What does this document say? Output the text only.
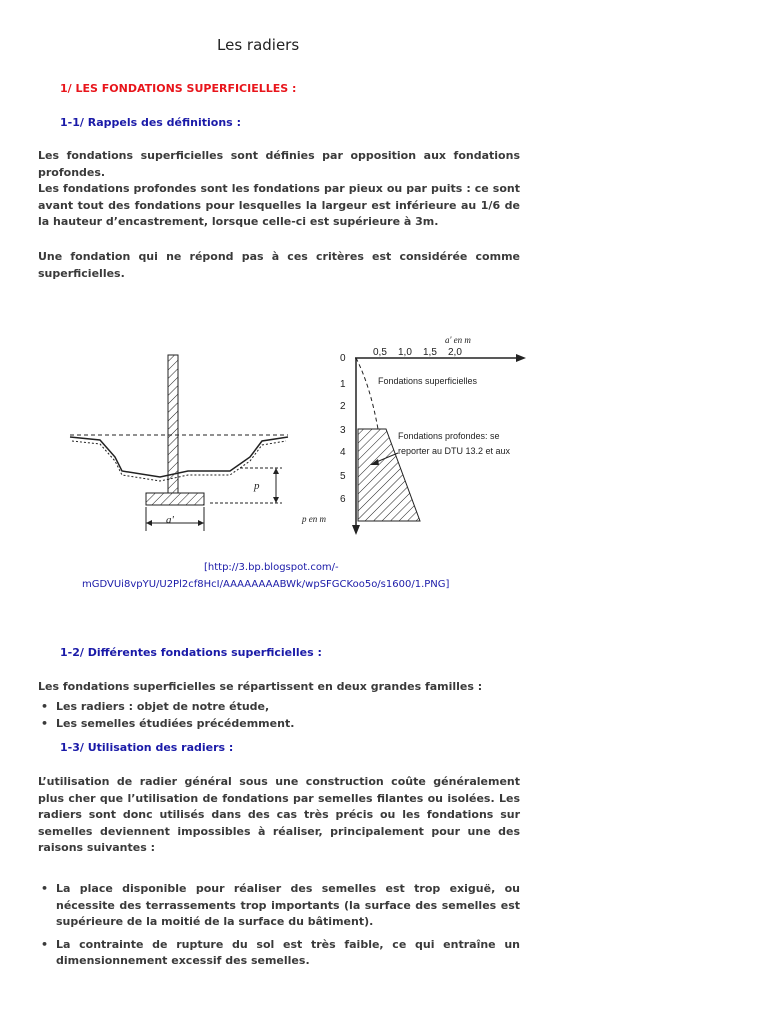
Les radiers
1/ LES FONDATIONS SUPERFICIELLES :
1-1/ Rappels des définitions :
Les fondations superficielles sont définies par opposition aux fondations profondes.
Les fondations profondes sont les fondations par pieux ou par puits : ce sont avant tout des fondations pour lesquelles la largeur est inférieure au 1/6 de la hauteur d’encastrement, lorsque celle-ci est supérieure à 3m.
Une fondation qui ne répond pas à ces critères est considérée comme superficielles.
a'
p
a' en m
0,5 1,0 1,5 2,0
0
1
2
3
4
5
6
p en m
Fondations superficielles
Fondations profondes: se
reporter au DTU 13.2 et aux
[http://3.bp.blogspot.com/-
mGDVUi8vpYU/U2Pl2cf8HcI/AAAAAAAABWk/wpSFGCKoo5o/s1600/1.PNG]
1-2/ Différentes fondations superficielles :
Les fondations superficielles se répartissent en deux grandes familles :
• Les radiers : objet de notre étude,
• Les semelles étudiées précédemment.
1-3/ Utilisation des radiers :
L’utilisation de radier général sous une construction coûte généralement plus cher que l’utilisation de fondations par semelles filantes ou isolées. Les radiers sont donc utilisés dans des cas très précis ou les fondations sur semelles deviennent impossibles à réaliser, principalement pour une des raisons suivantes :
• La place disponible pour réaliser des semelles est trop exiguë, ou nécessite des terrassements trop importants (la surface des semelles est supérieure de la moitié de la surface du bâtiment).
• La contrainte de rupture du sol est très faible, ce qui entraîne un dimensionnement excessif des semelles.
